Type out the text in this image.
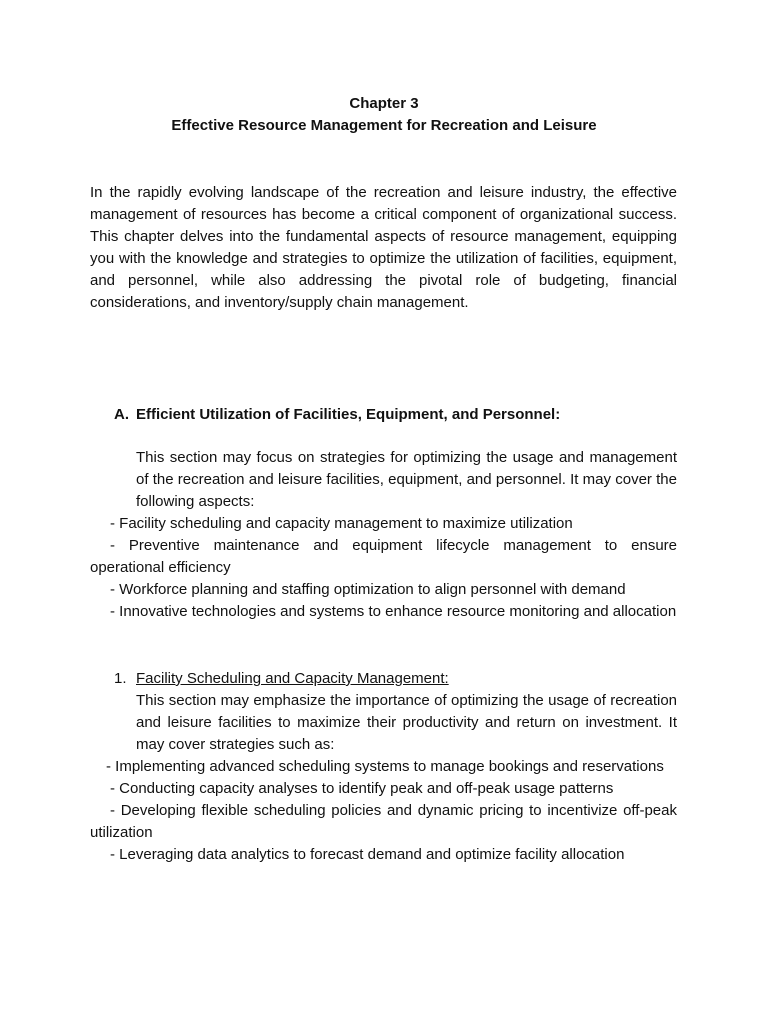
Chapter 3
Effective Resource Management for Recreation and Leisure

In the rapidly evolving landscape of the recreation and leisure industry, the effective management of resources has become a critical component of organizational success. This chapter delves into the fundamental aspects of resource management, equipping you with the knowledge and strategies to optimize the utilization of facilities, equipment, and personnel, while also addressing the pivotal role of budgeting, financial considerations, and inventory/supply chain management.

A. Efficient Utilization of Facilities, Equipment, and Personnel:

This section may focus on strategies for optimizing the usage and management of the recreation and leisure facilities, equipment, and personnel. It may cover the following aspects:

- Facility scheduling and capacity management to maximize utilization

- Preventive maintenance and equipment lifecycle management to ensure operational efficiency

- Workforce planning and staffing optimization to align personnel with demand

- Innovative technologies and systems to enhance resource monitoring and allocation

1. Facility Scheduling and Capacity Management:

This section may emphasize the importance of optimizing the usage of recreation and leisure facilities to maximize their productivity and return on investment. It may cover strategies such as:

- Implementing advanced scheduling systems to manage bookings and reservations

- Conducting capacity analyses to identify peak and off-peak usage patterns

- Developing flexible scheduling policies and dynamic pricing to incentivize off-peak utilization

- Leveraging data analytics to forecast demand and optimize facility allocation
